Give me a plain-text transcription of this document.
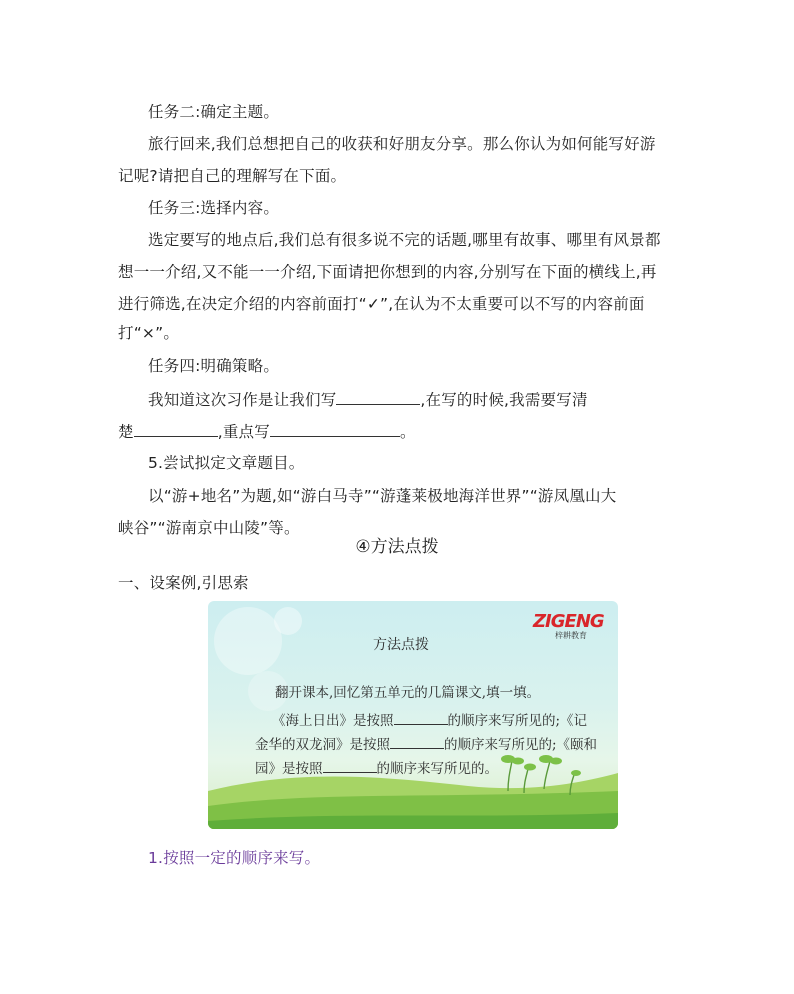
任务二:确定主题。
旅行回来,我们总想把自己的收获和好朋友分享。那么你认为如何能写好游
记呢?请把自己的理解写在下面。
任务三:选择内容。
选定要写的地点后,我们总有很多说不完的话题,哪里有故事、哪里有风景都
想一一介绍,又不能一一介绍,下面请把你想到的内容,分别写在下面的横线上,再
进行筛选,在决定介绍的内容前面打“✓”,在认为不太重要可以不写的内容前面
打“×”。
任务四:明确策略。
我知道这次习作是让我们写	,在写的时候,我需要写清
楚	,重点写	。
5.尝试拟定文章题目。
以“游+地名”为题,如“游白马寺”“游蓬莱极地海洋世界”“游凤凰山大
峡谷”“游南京中山陵”等。
④方法点拨
一、设案例,引思索
方法点拨
ZIGENG
梓耕教育
翻开课本,回忆第五单元的几篇课文,填一填。
《海上日出》是按照	的顺序来写所见的;《记
金华的双龙洞》是按照	的顺序来写所见的;《颐和
园》是按照	的顺序来写所见的。
1.按照一定的顺序来写。
